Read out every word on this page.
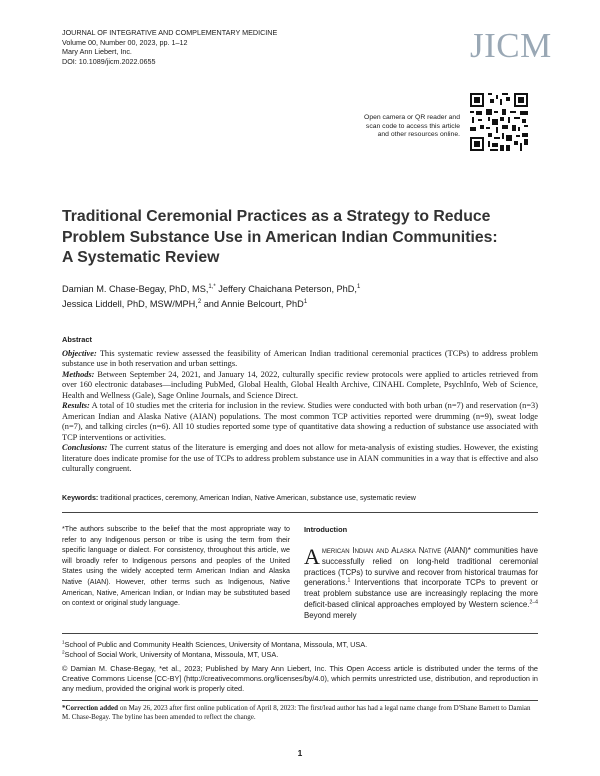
JOURNAL OF INTEGRATIVE AND COMPLEMENTARY MEDICINE
Volume 00, Number 00, 2023, pp. 1–12
Mary Ann Liebert, Inc.
DOI: 10.1089/jicm.2022.0655	JICM
Open camera or QR reader and
scan code to access this article
and other resources online.
Traditional Ceremonial Practices as a Strategy to Reduce
Problem Substance Use in American Indian Communities:
A Systematic Review
Damian M. Chase-Begay, PhD, MS,$^{1,*}$ Jeffery Chaichana Peterson, PhD,$^1$
Jessica Liddell, PhD, MSW/MPH,$^2$ and Annie Belcourt, PhD$^1$
Abstract

Objective: This systematic review assessed the feasibility of American Indian traditional ceremonial practices (TCPs) to address problem substance use in both reservation and urban settings.

Methods: Between September 24, 2021, and January 14, 2022, culturally specific review protocols were applied to articles retrieved from over 160 electronic databases—including PubMed, Global Health, Global Health Archive, CINAHL Complete, PsychInfo, Web of Science, Health and Wellness (Gale), Sage Online Journals, and Science Direct.

Results: A total of 10 studies met the criteria for inclusion in the review. Studies were conducted with both urban (n=7) and reservation (n=3) American Indian and Alaska Native (AIAN) populations. The most common TCP activities reported were drumming (n=9), sweat lodge (n=7), and talking circles (n=6). All 10 studies reported some type of quantitative data showing a reduction of substance use associated with TCP interventions or activities.

Conclusions: The current status of the literature is emerging and does not allow for meta-analysis of existing studies. However, the existing literature does indicate promise for the use of TCPs to address problem substance use in AIAN communities in a way that is effective and also culturally congruent.

Keywords: traditional practices, ceremony, American Indian, Native American, substance use, systematic review
*The authors subscribe to the belief that the most appropriate way to refer to any Indigenous person or tribe is using the term from their specific language or dialect. For consistency, throughout this article, we will broadly refer to Indigenous persons and peoples of the United States using the widely accepted term American Indian and Alaska Native (AIAN). However, other terms such as Indigenous, Native American, Native, American Indian, or Indian may be substituted based on context or original study language.
Introduction
American Indian and Alaska Native (AIAN)* communities have successfully relied on long-held traditional ceremonial practices (TCPs) to survive and recover from historical traumas for generations.$^1$ Interventions that incorporate TCPs to prevent or treat problem substance use are increasingly replacing the more deficit-based clinical approaches employed by Western science.$^{2-4}$ Beyond merely
$^1$School of Public and Community Health Sciences, University of Montana, Missoula, MT, USA.
$^2$School of Social Work, University of Montana, Missoula, MT, USA.
© Damian M. Chase-Begay, *et al., 2023; Published by Mary Ann Liebert, Inc. This Open Access article is distributed under the terms of the Creative Commons License [CC-BY] (http://creativecommons.org/licenses/by/4.0), which permits unrestricted use, distribution, and reproduction in any medium, provided the original work is properly cited.
*Correction added on May 26, 2023 after first online publication of April 8, 2023: The first/lead author has had a legal name change from D'Shane Barnett to Damian M. Chase-Begay. The byline has been amended to reflect the change.
1
